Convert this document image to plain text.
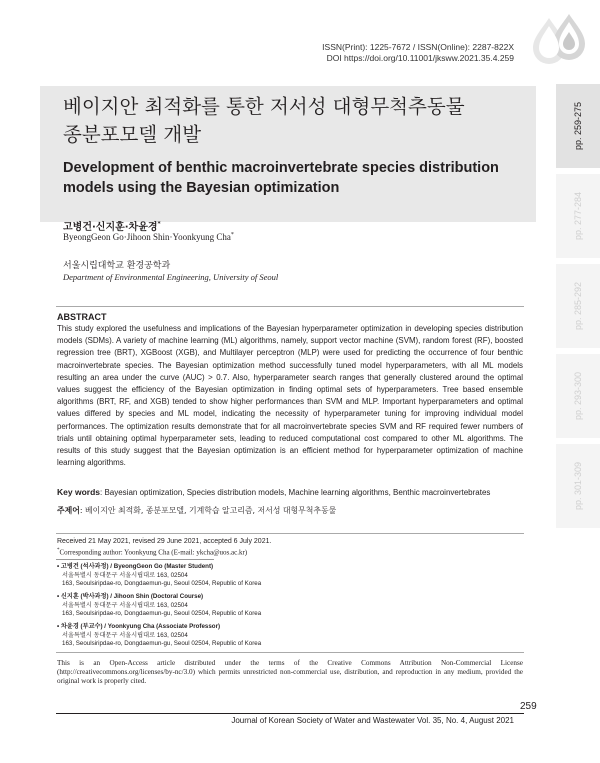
ISSN(Print): 1225-7672 / ISSN(Online): 2287-822X
DOI https://doi.org/10.11001/jksww.2021.35.4.259
pp. 259-275
pp. 277-284
pp. 285-292
pp. 293-300
pp. 301-309
베이지안 최적화를 통한 저서성 대형무척추동물
종분포모델 개발
Development of benthic macroinvertebrate species distribution
models using the Bayesian optimization
고병건·신지훈·차윤경*
ByeongGeon Go·Jihoon Shin·Yoonkyung Cha*
서울시립대학교 환경공학과
Department of Environmental Engineering, University of Seoul
ABSTRACT
This study explored the usefulness and implications of the Bayesian hyperparameter optimization in developing species distribution models (SDMs). A variety of machine learning (ML) algorithms, namely, support vector machine (SVM), random forest (RF), boosted regression tree (BRT), XGBoost (XGB), and Multilayer perceptron (MLP) were used for predicting the occurrence of four benthic macroinvertebrate species. The Bayesian optimization method successfully tuned model hyperparameters, with all ML models resulting an area under the curve (AUC) > 0.7. Also, hyperparameter search ranges that generally clustered around the optimal values suggest the efficiency of the Bayesian optimization in finding optimal sets of hyperparameters. Tree based ensemble algorithms (BRT, RF, and XGB) tended to show higher performances than SVM and MLP. Important hyperparameters and optimal values differed by species and ML model, indicating the necessity of hyperparameter tuning for improving individual model performances. The optimization results demonstrate that for all macroinvertebrate species SVM and RF required fewer numbers of trials until obtaining optimal hyperparameter sets, leading to reduced computational cost compared to other ML algorithms. The results of this study suggest that the Bayesian optimization is an efficient method for hyperparameter optimization of machine learning algorithms.
Key words: Bayesian optimization, Species distribution models, Machine learning algorithms, Benthic macroinvertebrates
주제어: 베이지안 최적화, 종분포모델, 기계학습 알고리즘, 저서성 대형무척추동물
Received 21 May 2021, revised 29 June 2021, accepted 6 July 2021.
*Corresponding author: Yoonkyung Cha (E-mail: ykcha@uos.ac.kr)
• 고병건 (석사과정) / ByeongGeon Go (Master Student)
서울특별시 동대문구 서울시립대로 163, 02504
163, Seoulsiripdae-ro, Dongdaemun-gu, Seoul 02504, Republic of Korea
• 신지훈 (박사과정) / Jihoon Shin (Doctoral Course)
서울특별시 동대문구 서울시립대로 163, 02504
163, Seoulsiripdae-ro, Dongdaemun-gu, Seoul 02504, Republic of Korea
• 차윤경 (부교수) / Yoonkyung Cha (Associate Professor)
서울특별시 동대문구 서울시립대로 163, 02504
163, Seoulsiripdae-ro, Dongdaemun-gu, Seoul 02504, Republic of Korea
This is an Open-Access article distributed under the terms of the Creative Commons Attribution Non-Commercial License (http://creativecommons.org/licenses/by-nc/3.0) which permits unrestricted non-commercial use, distribution, and reproduction in any medium, provided the original work is properly cited.
259
Journal of Korean Society of Water and Wastewater Vol. 35, No. 4, August 2021
